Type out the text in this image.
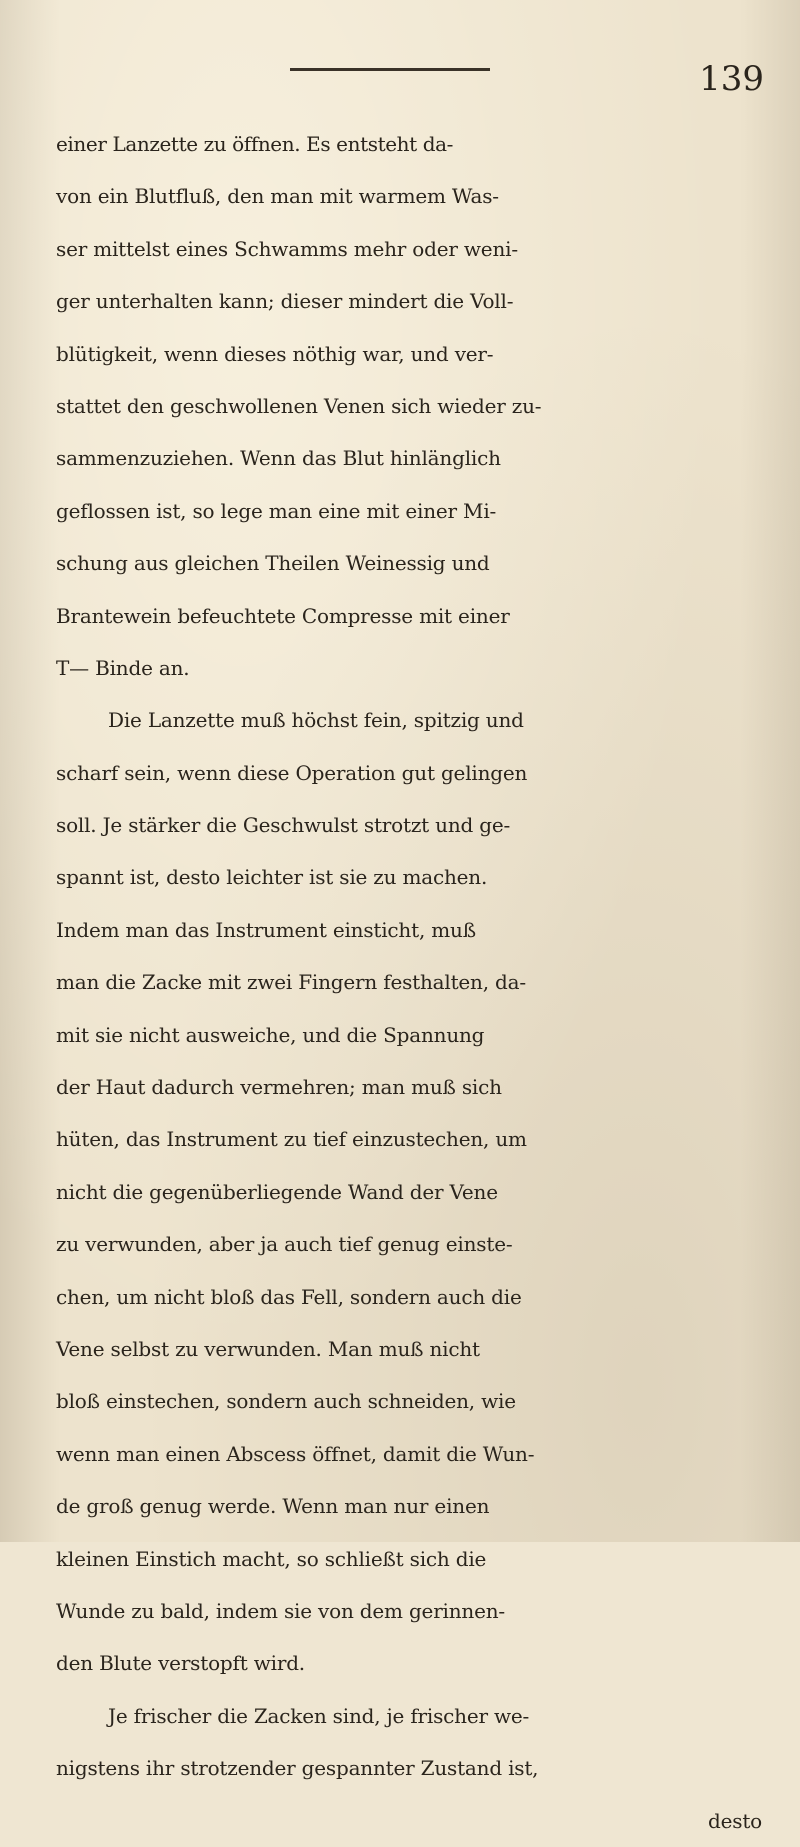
139
einer Lanzette zu öffnen. Es entsteht da-
von ein Blutfluß, den man mit warmem Was-
ser mittelst eines Schwamms mehr oder weni-
ger unterhalten kann; dieser mindert die Voll-
blütigkeit, wenn dieses nöthig war, und ver-
stattet den geschwollenen Venen sich wieder zu-
sammenzuziehen. Wenn das Blut hinlänglich
geflossen ist, so lege man eine mit einer Mi-
schung aus gleichen Theilen Weinessig und
Brantewein befeuchtete Compresse mit einer
T— Binde an.
Die Lanzette muß höchst fein, spitzig und
scharf sein, wenn diese Operation gut gelingen
soll. Je stärker die Geschwulst strotzt und ge-
spannt ist, desto leichter ist sie zu machen.
Indem man das Instrument einsticht, muß
man die Zacke mit zwei Fingern festhalten, da-
mit sie nicht ausweiche, und die Spannung
der Haut dadurch vermehren; man muß sich
hüten, das Instrument zu tief einzustechen, um
nicht die gegenüberliegende Wand der Vene
zu verwunden, aber ja auch tief genug einste-
chen, um nicht bloß das Fell, sondern auch die
Vene selbst zu verwunden. Man muß nicht
bloß einstechen, sondern auch schneiden, wie
wenn man einen Abscess öffnet, damit die Wun-
de groß genug werde. Wenn man nur einen
kleinen Einstich macht, so schließt sich die
Wunde zu bald, indem sie von dem gerinnen-
den Blute verstopft wird.
Je frischer die Zacken sind, je frischer we-
nigstens ihr strotzender gespannter Zustand ist,
desto
